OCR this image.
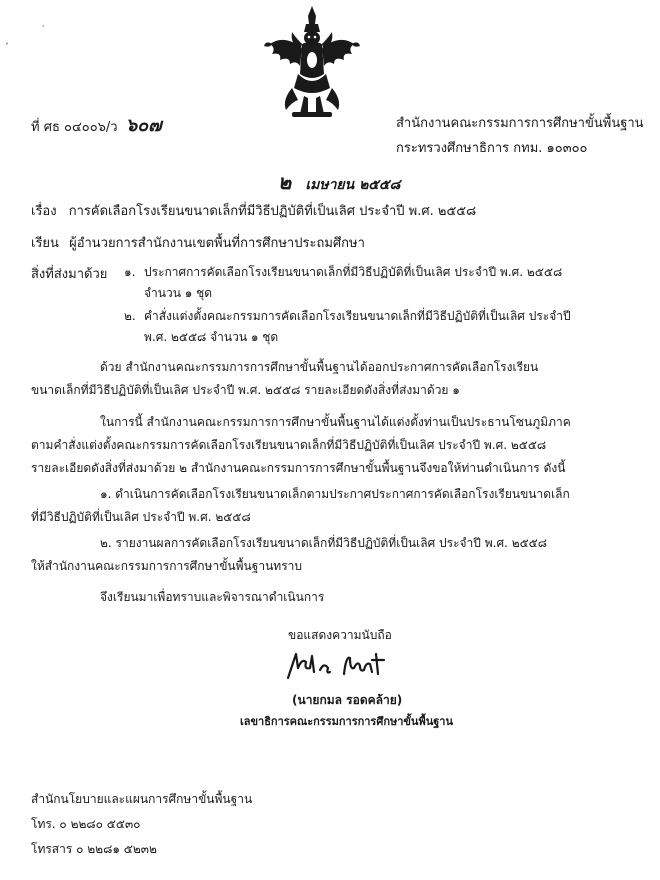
ˏ
ˈ
ที่ ศธ ๐๔๐๐๖/ว ๖๐๗	สำนักงานคณะกรรมการการศึกษาขั้นพื้นฐาน
กระทรวงศึกษาธิการ กทม. ๑๐๓๐๐
๒ เมษายน ๒๕๕๘
เรื่อง การคัดเลือกโรงเรียนขนาดเล็กที่มีวิธีปฏิบัติที่เป็นเลิศ ประจำปี พ.ศ. ๒๕๕๘
เรียน ผู้อำนวยการสำนักงานเขตพื้นที่การศึกษาประถมศึกษา
สิ่งที่ส่งมาด้วย ๑. ประกาศการคัดเลือกโรงเรียนขนาดเล็กที่มีวิธีปฏิบัติที่เป็นเลิศ ประจำปี พ.ศ. ๒๕๕๘
จำนวน ๑ ชุด
๒. คำสั่งแต่งตั้งคณะกรรมการคัดเลือกโรงเรียนขนาดเล็กที่มีวิธีปฏิบัติที่เป็นเลิศ ประจำปี
พ.ศ. ๒๕๕๘ จำนวน ๑ ชุด
ด้วย สำนักงานคณะกรรมการการศึกษาขั้นพื้นฐานได้ออกประกาศการคัดเลือกโรงเรียน
ขนาดเล็กที่มีวิธีปฏิบัติที่เป็นเลิศ ประจำปี พ.ศ. ๒๕๕๘ รายละเอียดดังสิ่งที่ส่งมาด้วย ๑
ในการนี้ สำนักงานคณะกรรมการการศึกษาขั้นพื้นฐานได้แต่งตั้งท่านเป็นประธานโซนภูมิภาค
ตามคำสั่งแต่งตั้งคณะกรรมการคัดเลือกโรงเรียนขนาดเล็กที่มีวิธีปฏิบัติที่เป็นเลิศ ประจำปี พ.ศ. ๒๕๕๘
รายละเอียดดังสิ่งที่ส่งมาด้วย ๒ สำนักงานคณะกรรมการการศึกษาขั้นพื้นฐานจึงขอให้ท่านดำเนินการ ดังนี้
๑. ดำเนินการคัดเลือกโรงเรียนขนาดเล็กตามประกาศประกาศการคัดเลือกโรงเรียนขนาดเล็ก
ที่มีวิธีปฏิบัติที่เป็นเลิศ ประจำปี พ.ศ. ๒๕๕๘
๒. รายงานผลการคัดเลือกโรงเรียนขนาดเล็กที่มีวิธีปฏิบัติที่เป็นเลิศ ประจำปี พ.ศ. ๒๕๕๘
ให้สำนักงานคณะกรรมการการศึกษาขั้นพื้นฐานทราบ
จึงเรียนมาเพื่อทราบและพิจารณาดำเนินการ
ขอแสดงความนับถือ
(นายกมล รอดคล้าย)
เลขาธิการคณะกรรมการการศึกษาขั้นพื้นฐาน
สำนักนโยบายและแผนการศึกษาขั้นพื้นฐาน
โทร. ๐ ๒๒๘๐ ๕๕๓๐
โทรสาร ๐ ๒๒๘๑ ๕๒๓๒
